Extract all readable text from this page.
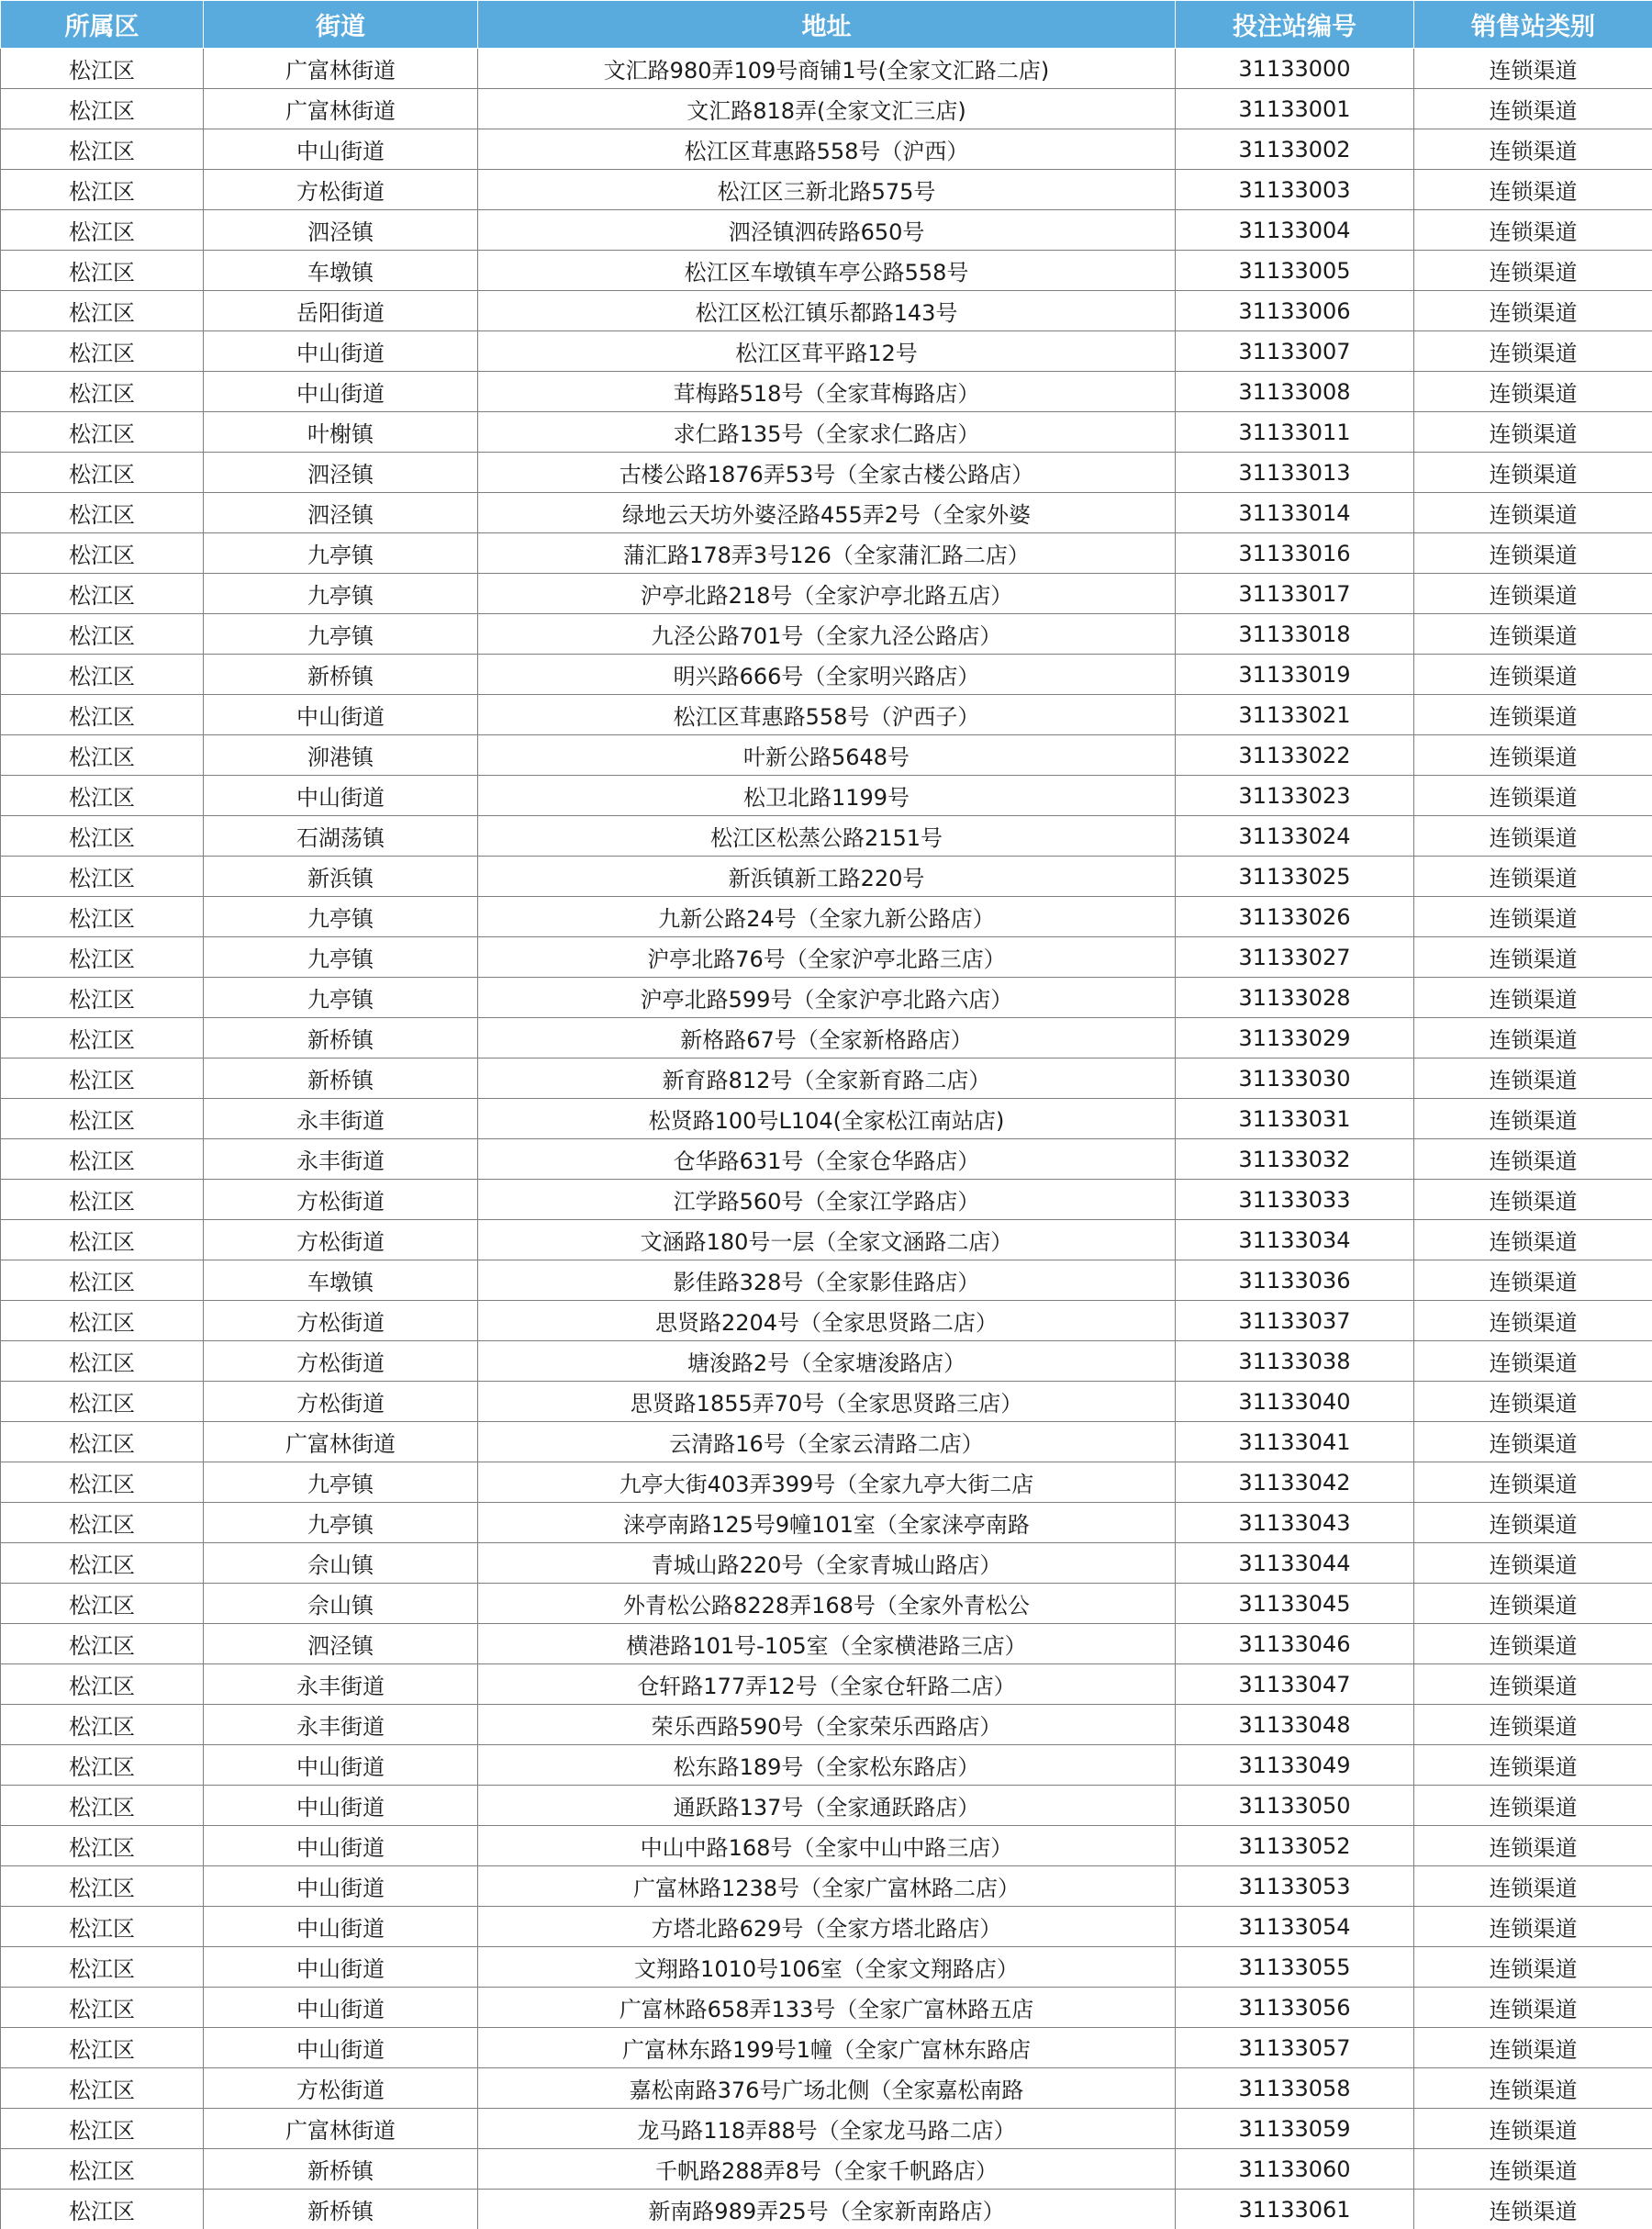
所属区	街道	地址	投注站编号	销售站类别
松江区	广富林街道	文汇路980弄109号商铺1号(全家文汇路二店)	31133000	连锁渠道
松江区	广富林街道	文汇路818弄(全家文汇三店)	31133001	连锁渠道
松江区	中山街道	松江区茸惠路558号（沪西）	31133002	连锁渠道
松江区	方松街道	松江区三新北路575号	31133003	连锁渠道
松江区	泗泾镇	泗泾镇泗砖路650号	31133004	连锁渠道
松江区	车墩镇	松江区车墩镇车亭公路558号	31133005	连锁渠道
松江区	岳阳街道	松江区松江镇乐都路143号	31133006	连锁渠道
松江区	中山街道	松江区茸平路12号	31133007	连锁渠道
松江区	中山街道	茸梅路518号（全家茸梅路店）	31133008	连锁渠道
松江区	叶榭镇	求仁路135号（全家求仁路店）	31133011	连锁渠道
松江区	泗泾镇	古楼公路1876弄53号（全家古楼公路店）	31133013	连锁渠道
松江区	泗泾镇	绿地云天坊外婆泾路455弄2号（全家外婆	31133014	连锁渠道
松江区	九亭镇	蒲汇路178弄3号126（全家蒲汇路二店）	31133016	连锁渠道
松江区	九亭镇	沪亭北路218号（全家沪亭北路五店）	31133017	连锁渠道
松江区	九亭镇	九泾公路701号（全家九泾公路店）	31133018	连锁渠道
松江区	新桥镇	明兴路666号（全家明兴路店）	31133019	连锁渠道
松江区	中山街道	松江区茸惠路558号（沪西子）	31133021	连锁渠道
松江区	泖港镇	叶新公路5648号	31133022	连锁渠道
松江区	中山街道	松卫北路1199号	31133023	连锁渠道
松江区	石湖荡镇	松江区松蒸公路2151号	31133024	连锁渠道
松江区	新浜镇	新浜镇新工路220号	31133025	连锁渠道
松江区	九亭镇	九新公路24号（全家九新公路店）	31133026	连锁渠道
松江区	九亭镇	沪亭北路76号（全家沪亭北路三店）	31133027	连锁渠道
松江区	九亭镇	沪亭北路599号（全家沪亭北路六店）	31133028	连锁渠道
松江区	新桥镇	新格路67号（全家新格路店）	31133029	连锁渠道
松江区	新桥镇	新育路812号（全家新育路二店）	31133030	连锁渠道
松江区	永丰街道	松贤路100号L104(全家松江南站店)	31133031	连锁渠道
松江区	永丰街道	仓华路631号（全家仓华路店）	31133032	连锁渠道
松江区	方松街道	江学路560号（全家江学路店）	31133033	连锁渠道
松江区	方松街道	文涵路180号一层（全家文涵路二店）	31133034	连锁渠道
松江区	车墩镇	影佳路328号（全家影佳路店）	31133036	连锁渠道
松江区	方松街道	思贤路2204号（全家思贤路二店）	31133037	连锁渠道
松江区	方松街道	塘浚路2号（全家塘浚路店）	31133038	连锁渠道
松江区	方松街道	思贤路1855弄70号（全家思贤路三店）	31133040	连锁渠道
松江区	广富林街道	云清路16号（全家云清路二店）	31133041	连锁渠道
松江区	九亭镇	九亭大街403弄399号（全家九亭大街二店	31133042	连锁渠道
松江区	九亭镇	涞亭南路125号9幢101室（全家涞亭南路	31133043	连锁渠道
松江区	佘山镇	青城山路220号（全家青城山路店）	31133044	连锁渠道
松江区	佘山镇	外青松公路8228弄168号（全家外青松公	31133045	连锁渠道
松江区	泗泾镇	横港路101号-105室（全家横港路三店）	31133046	连锁渠道
松江区	永丰街道	仓轩路177弄12号（全家仓轩路二店）	31133047	连锁渠道
松江区	永丰街道	荣乐西路590号（全家荣乐西路店）	31133048	连锁渠道
松江区	中山街道	松东路189号（全家松东路店）	31133049	连锁渠道
松江区	中山街道	通跃路137号（全家通跃路店）	31133050	连锁渠道
松江区	中山街道	中山中路168号（全家中山中路三店）	31133052	连锁渠道
松江区	中山街道	广富林路1238号（全家广富林路二店）	31133053	连锁渠道
松江区	中山街道	方塔北路629号（全家方塔北路店）	31133054	连锁渠道
松江区	中山街道	文翔路1010号106室（全家文翔路店）	31133055	连锁渠道
松江区	中山街道	广富林路658弄133号（全家广富林路五店	31133056	连锁渠道
松江区	中山街道	广富林东路199号1幢（全家广富林东路店	31133057	连锁渠道
松江区	方松街道	嘉松南路376号广场北侧（全家嘉松南路	31133058	连锁渠道
松江区	广富林街道	龙马路118弄88号（全家龙马路二店）	31133059	连锁渠道
松江区	新桥镇	千帆路288弄8号（全家千帆路店）	31133060	连锁渠道
松江区	新桥镇	新南路989弄25号（全家新南路店）	31133061	连锁渠道
